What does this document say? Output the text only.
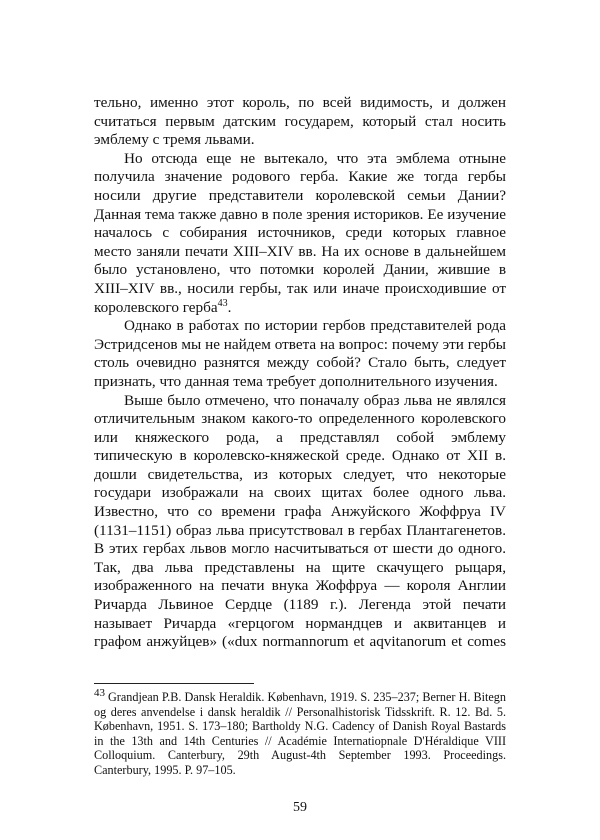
тельно, именно этот король, по всей видимость, и должен считаться первым датским государем, который стал носить эмблему с тремя львами.

Но отсюда еще не вытекало, что эта эмблема отныне получила значение родового герба. Какие же тогда гербы носили другие представители королевской семьи Дании? Данная тема также давно в поле зрения историков. Ее изучение началось с собирания источников, среди которых главное место заняли печати XIII–XIV вв. На их основе в дальнейшем было установлено, что потомки королей Дании, жившие в XIII–XIV вв., носили гербы, так или иначе происходившие от королевского герба$^{43}$.

Однако в работах по истории гербов представителей рода Эстридсенов мы не найдем ответа на вопрос: почему эти гербы столь очевидно разнятся между собой? Стало быть, следует признать, что данная тема требует дополнительного изучения.

Выше было отмечено, что поначалу образ льва не являлся отличительным знаком какого-то определенного королевского или княжеского рода, а представлял собой эмблему типическую в королевско-княжеской среде. Однако от XII в. дошли свидетельства, из которых следует, что некоторые государи изображали на своих щитах более одного льва. Известно, что со времени графа Анжуйского Жоффруа IV (1131–1151) образ льва присутствовал в гербах Плантагенетов. В этих гербах львов могло насчитываться от шести до одного. Так, два льва представлены на щите скачущего рыцаря, изображенного на печати внука Жоффруа — короля Англии Ричарда Львиное Сердце (1189 г.). Легенда этой печати называет Ричарда «герцогом нормандцев и аквитанцев и графом анжуйцев» («dux normannorum et aqvitanorum et comes

43 Grandjean P.B. Dansk Heraldik. København, 1919. S. 235–237; Berner H. Bitegn og deres anvendelse i dansk heraldik // Personalhistorisk Tidsskrift. R. 12. Bd. 5. København, 1951. S. 173–180; Bartholdy N.G. Cadency of Danish Royal Bastards in the 13th and 14th Centuries // Académie Internatiopnale D'Héraldique VIII Colloquium. Canterbury, 29th August-4th September 1993. Proceedings. Canterbury, 1995. P. 97–105.
59
